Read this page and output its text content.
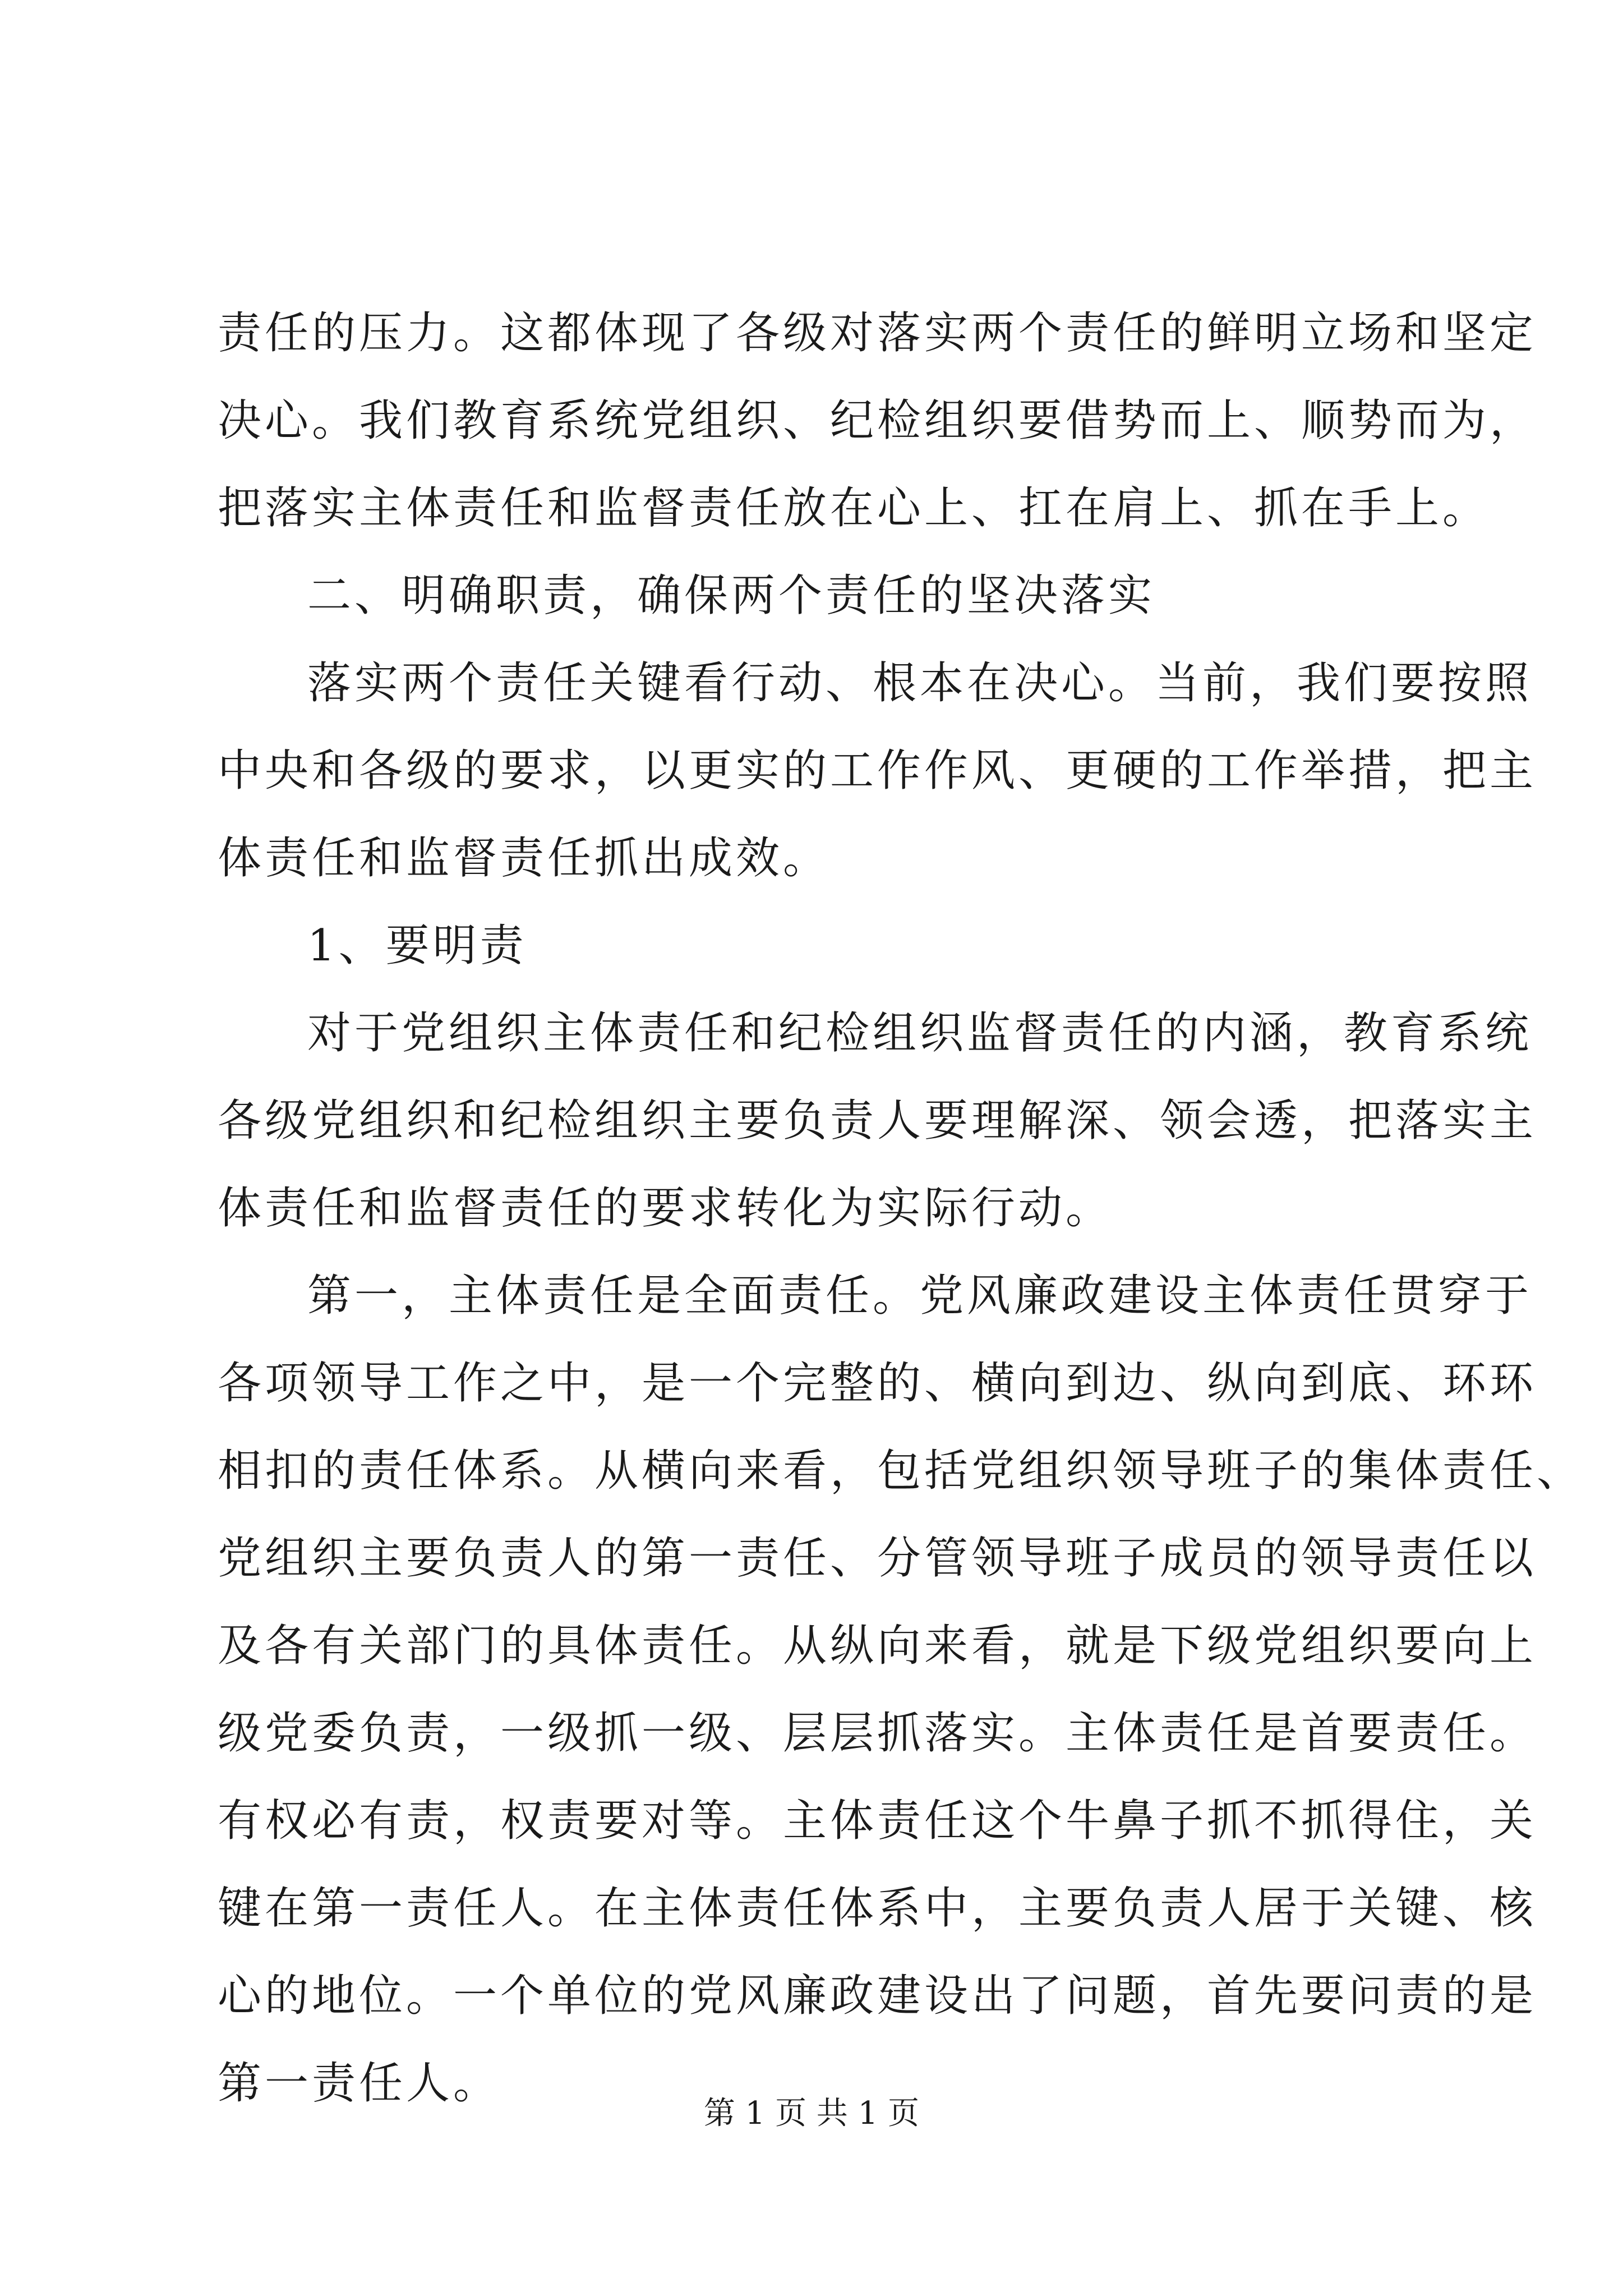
责任的压力。这都体现了各级对落实两个责任的鲜明立场和坚定
决心。我们教育系统党组织、纪检组织要借势而上、顺势而为，
把落实主体责任和监督责任放在心上、扛在肩上、抓在手上。
二、明确职责，确保两个责任的坚决落实
落实两个责任关键看行动、根本在决心。当前，我们要按照
中央和各级的要求，以更实的工作作风、更硬的工作举措，把主
体责任和监督责任抓出成效。
1、要明责
对于党组织主体责任和纪检组织监督责任的内涵，教育系统
各级党组织和纪检组织主要负责人要理解深、领会透，把落实主
体责任和监督责任的要求转化为实际行动。
第一，主体责任是全面责任。党风廉政建设主体责任贯穿于
各项领导工作之中，是一个完整的、横向到边、纵向到底、环环
相扣的责任体系。从横向来看，包括党组织领导班子的集体责任、
党组织主要负责人的第一责任、分管领导班子成员的领导责任以
及各有关部门的具体责任。从纵向来看，就是下级党组织要向上
级党委负责，一级抓一级、层层抓落实。主体责任是首要责任。
有权必有责，权责要对等。主体责任这个牛鼻子抓不抓得住，关
键在第一责任人。在主体责任体系中，主要负责人居于关键、核
心的地位。一个单位的党风廉政建设出了问题，首先要问责的是
第一责任人。
第 1 页 共 1 页
